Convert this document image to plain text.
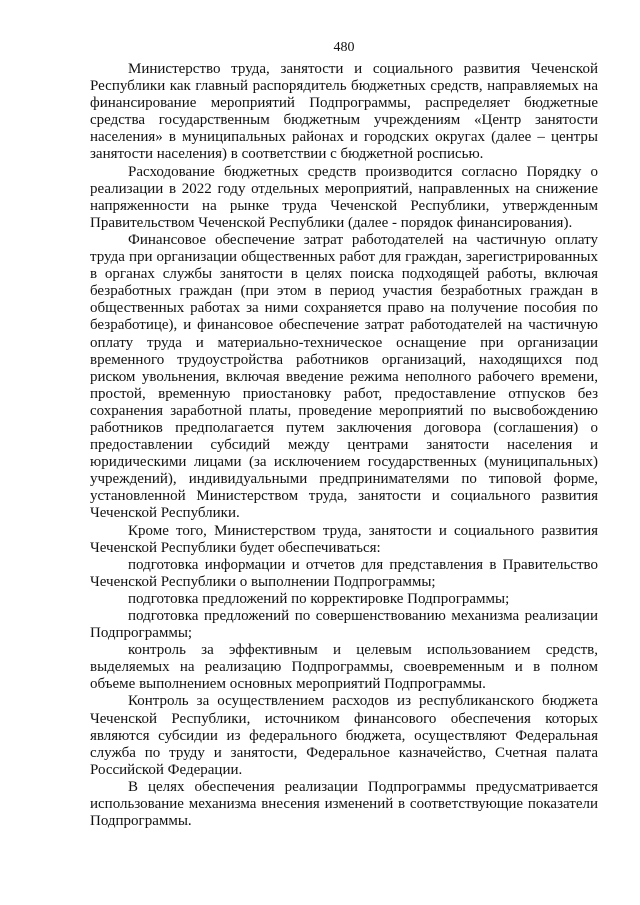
480

Министерство труда, занятости и социального развития Чеченской Республики как главный распорядитель бюджетных средств, направляемых на финансирование мероприятий Подпрограммы, распределяет бюджетные средства государственным бюджетным учреждениям «Центр занятости населения» в муниципальных районах и городских округах (далее – центры занятости населения) в соответствии с бюджетной росписью.

Расходование бюджетных средств производится согласно Порядку о реализации в 2022 году отдельных мероприятий, направленных на снижение напряженности на рынке труда Чеченской Республики, утвержденным Правительством Чеченской Республики (далее - порядок финансирования).

Финансовое обеспечение затрат работодателей на частичную оплату труда при организации общественных работ для граждан, зарегистрированных в органах службы занятости в целях поиска подходящей работы, включая безработных граждан (при этом в период участия безработных граждан в общественных работах за ними сохраняется право на получение пособия по безработице), и финансовое обеспечение затрат работодателей на частичную оплату труда и материально-техническое оснащение при организации временного трудоустройства работников организаций, находящихся под риском увольнения, включая введение режима неполного рабочего времени, простой, временную приостановку работ, предоставление отпусков без сохранения заработной платы, проведение мероприятий по высвобождению работников предполагается путем заключения договора (соглашения) о предоставлении субсидий между центрами занятости населения и юридическими лицами (за исключением государственных (муниципальных) учреждений), индивидуальными предпринимателями по типовой форме, установленной Министерством труда, занятости и социального развития Чеченской Республики.

Кроме того, Министерством труда, занятости и социального развития Чеченской Республики будет обеспечиваться:

подготовка информации и отчетов для представления в Правительство Чеченской Республики о выполнении Подпрограммы;

подготовка предложений по корректировке Подпрограммы;

подготовка предложений по совершенствованию механизма реализации Подпрограммы;

контроль за эффективным и целевым использованием средств, выделяемых на реализацию Подпрограммы, своевременным и в полном объеме выполнением основных мероприятий Подпрограммы.

Контроль за осуществлением расходов из республиканского бюджета Чеченской Республики, источником финансового обеспечения которых являются субсидии из федерального бюджета, осуществляют Федеральная служба по труду и занятости, Федеральное казначейство, Счетная палата Российской Федерации.

В целях обеспечения реализации Подпрограммы предусматривается использование механизма внесения изменений в соответствующие показатели Подпрограммы.
